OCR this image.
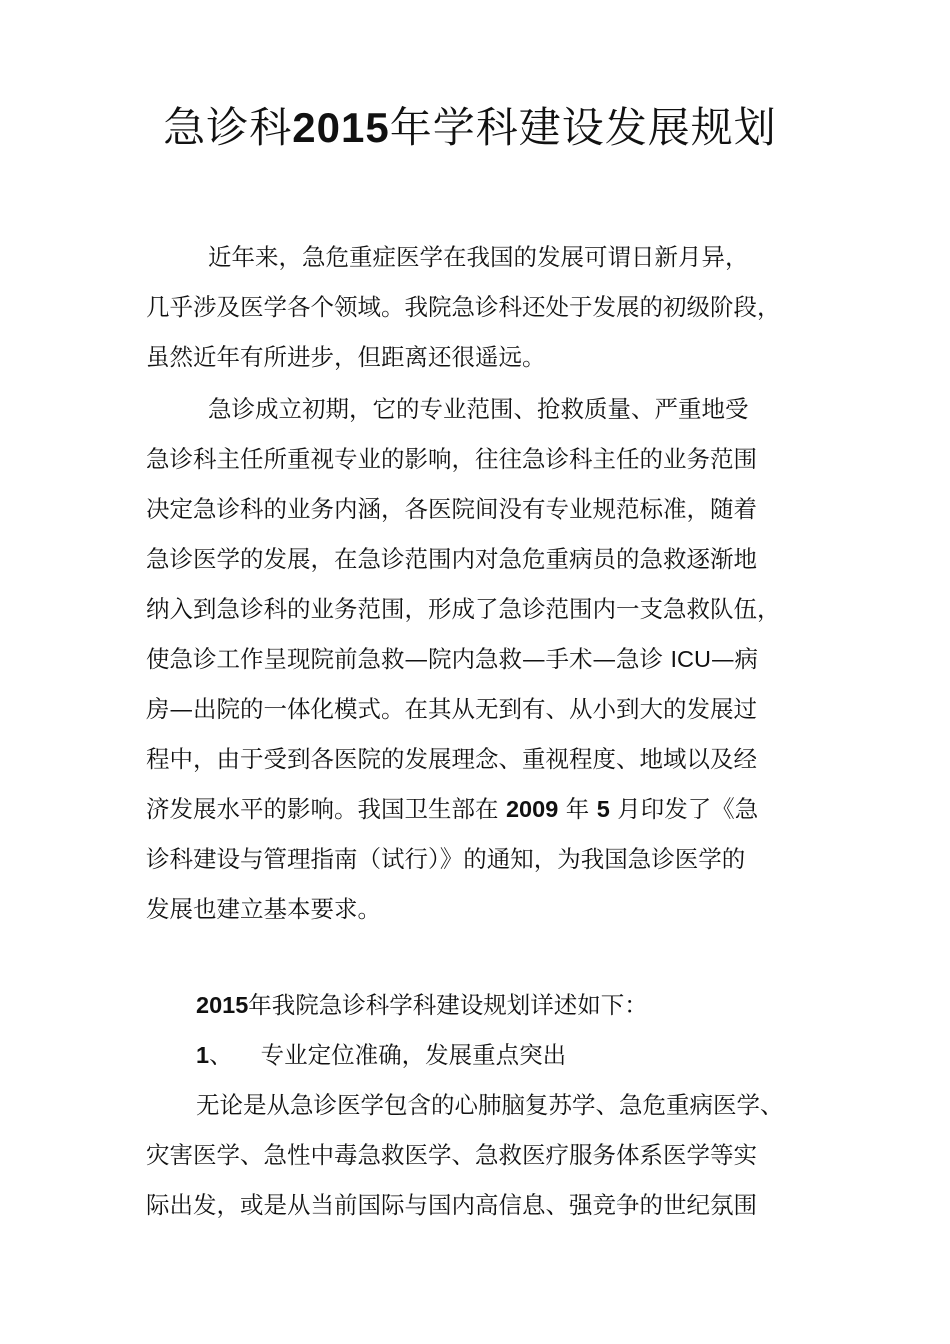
急诊科2015年学科建设发展规划
近年来，急危重症医学在我国的发展可谓日新月异，
几乎涉及医学各个领域。我院急诊科还处于发展的初级阶段，
虽然近年有所进步，但距离还很遥远。
急诊成立初期，它的专业范围、抢救质量、严重地受
急诊科主任所重视专业的影响，往往急诊科主任的业务范围
决定急诊科的业务内涵，各医院间没有专业规范标准，随着
急诊医学的发展，在急诊范围内对急危重病员的急救逐渐地
纳入到急诊科的业务范围，形成了急诊范围内一支急救队伍，
使急诊工作呈现院前急救—院内急救—手术—急诊 ICU—病
房—出院的一体化模式。在其从无到有、从小到大的发展过
程中，由于受到各医院的发展理念、重视程度、地域以及经
济发展水平的影响。我国卫生部在 2009 年 5 月印发了《急
诊科建设与管理指南（试行）》的通知，为我国急诊医学的
发展也建立基本要求。
2015年我院急诊科学科建设规划详述如下：
1、 专业定位准确，发展重点突出
无论是从急诊医学包含的心肺脑复苏学、急危重病医学、
灾害医学、急性中毒急救医学、急救医疗服务体系医学等实
际出发，或是从当前国际与国内高信息、强竞争的世纪氛围
